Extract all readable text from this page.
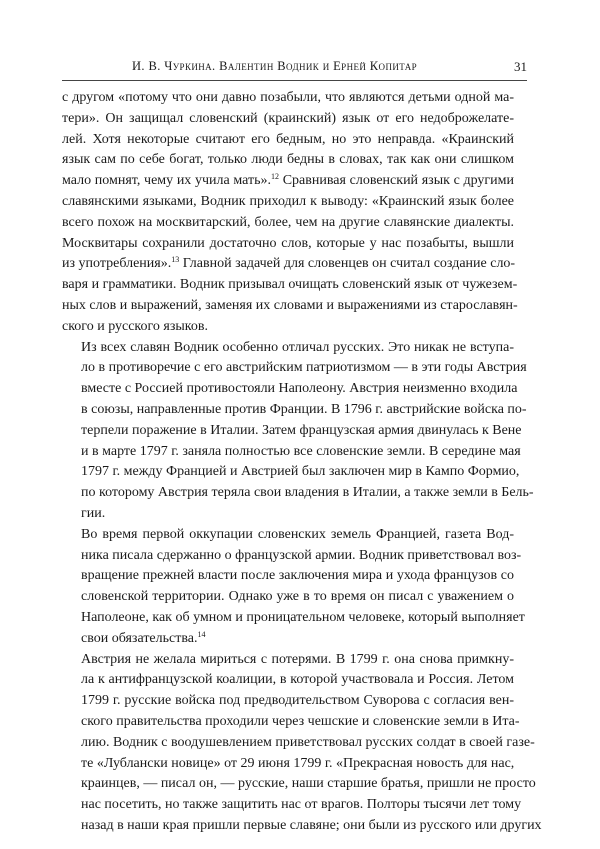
И. В. Чуркина. Валентин Водник и Ерней Копитар	31

с другом «потому что они давно позабыли, что являются детьми одной ма-
тери». Он защищал словенский (краинский) язык от его недоброжелате-
лей. Хотя некоторые считают его бедным, но это неправда. «Краинский
язык сам по себе богат, только люди бедны в словах, так как они слишком
мало помнят, чему их учила мать».$^{12}$ Сравнивая словенский язык с другими
славянскими языками, Водник приходил к выводу: «Краинский язык более
всего похож на москвитарский, более, чем на другие славянские диалекты.
Москвитары сохранили достаточно слов, которые у нас позабыты, вышли
из употребления».$^{13}$ Главной задачей для словенцев он считал создание сло-
варя и грамматики. Водник призывал очищать словенский язык от чужезем-
ных слов и выражений, заменяя их словами и выражениями из старославян-
ского и русского языков.

Из всех славян Водник особенно отличал русских. Это никак не вступа-
ло в противоречие с его австрийским патриотизмом — в эти годы Австрия
вместе с Россией противостояли Наполеону. Австрия неизменно входила
в союзы, направленные против Франции. В 1796 г. австрийские войска по-
терпели поражение в Италии. Затем французская армия двинулась к Вене
и в марте 1797 г. заняла полностью все словенские земли. В середине мая
1797 г. между Францией и Австрией был заключен мир в Кампо Формио,
по которому Австрия теряла свои владения в Италии, а также земли в Бель-
гии.

Во время первой оккупации словенских земель Францией, газета Вод-
ника писала сдержанно о французской армии. Водник приветствовал воз-
вращение прежней власти после заключения мира и ухода французов со
словенской территории. Однако уже в то время он писал с уважением о
Наполеоне, как об умном и проницательном человеке, который выполняет
свои обязательства.$^{14}$

Австрия не желала мириться с потерями. В 1799 г. она снова примкну-
ла к антифранцузской коалиции, в которой участвовала и Россия. Летом
1799 г. русские войска под предводительством Суворова с согласия вен-
ского правительства проходили через чешские и словенские земли в Ита-
лию. Водник с воодушевлением приветствовал русских солдат в своей газе-
те «Лублански новице» от 29 июня 1799 г. «Прекрасная новость для нас,
краинцев, — писал он, — русские, наши старшие братья, пришли не просто
нас посетить, но также защитить нас от врагов. Полторы тысячи лет тому
назад в наши края пришли первые славяне; они были из русского или других
